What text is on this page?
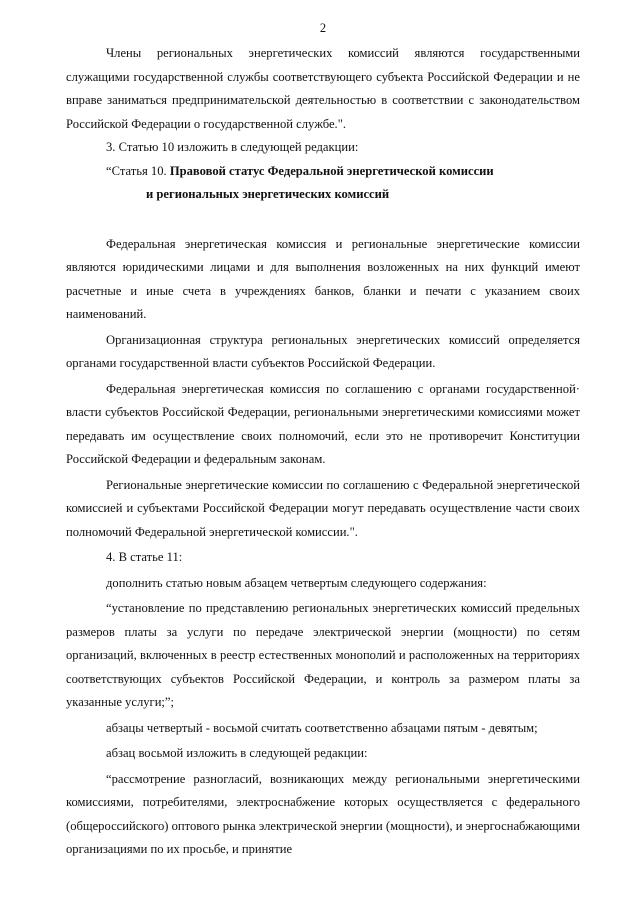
2

Члены региональных энергетических комиссий являются государственными служащими государственной службы соответствующего субъекта Российской Федерации и не вправе заниматься предпринимательской деятельностью в соответствии с законодательством Российской Федерации о государственной службе.".

3. Статью 10 изложить в следующей редакции:

“Статья 10. Правовой статус Федеральной энергетической комиссии
и региональных энергетических комиссий

Федеральная энергетическая комиссия и региональные энергетические комиссии являются юридическими лицами и для выполнения возложенных на них функций имеют расчетные и иные счета в учреждениях банков, бланки и печати с указанием своих наименований.

Организационная структура региональных энергетических комиссий определяется органами государственной власти субъектов Российской Федерации.

Федеральная энергетическая комиссия по соглашению с органами государственной· власти субъектов Российской Федерации, региональными энергетическими комиссиями может передавать им осуществление своих полномочий, если это не противоречит Конституции Российской Федерации и федеральным законам.

Региональные энергетические комиссии по соглашению с Федеральной энергетической комиссией и субъектами Российской Федерации могут передавать осуществление части своих полномочий Федеральной энергетической комиссии.".

4. В статье 11:

дополнить статью новым абзацем четвертым следующего содержания:

“установление по представлению региональных энергетических комиссий предельных размеров платы за услуги по передаче электрической энергии (мощности) по сетям организаций, включенных в реестр естественных монополий и расположенных на территориях соответствующих субъектов Российской Федерации, и контроль за размером платы за указанные услуги;”;

абзацы четвертый - восьмой считать соответственно абзацами пятым - девятым;

абзац восьмой изложить в следующей редакции:

“рассмотрение разногласий, возникающих между региональными энергетическими комиссиями, потребителями, электроснабжение которых осуществляется с федерального (общероссийского) оптового рынка электрической энергии (мощности), и энергоснабжающими организациями по их просьбе, и принятие
